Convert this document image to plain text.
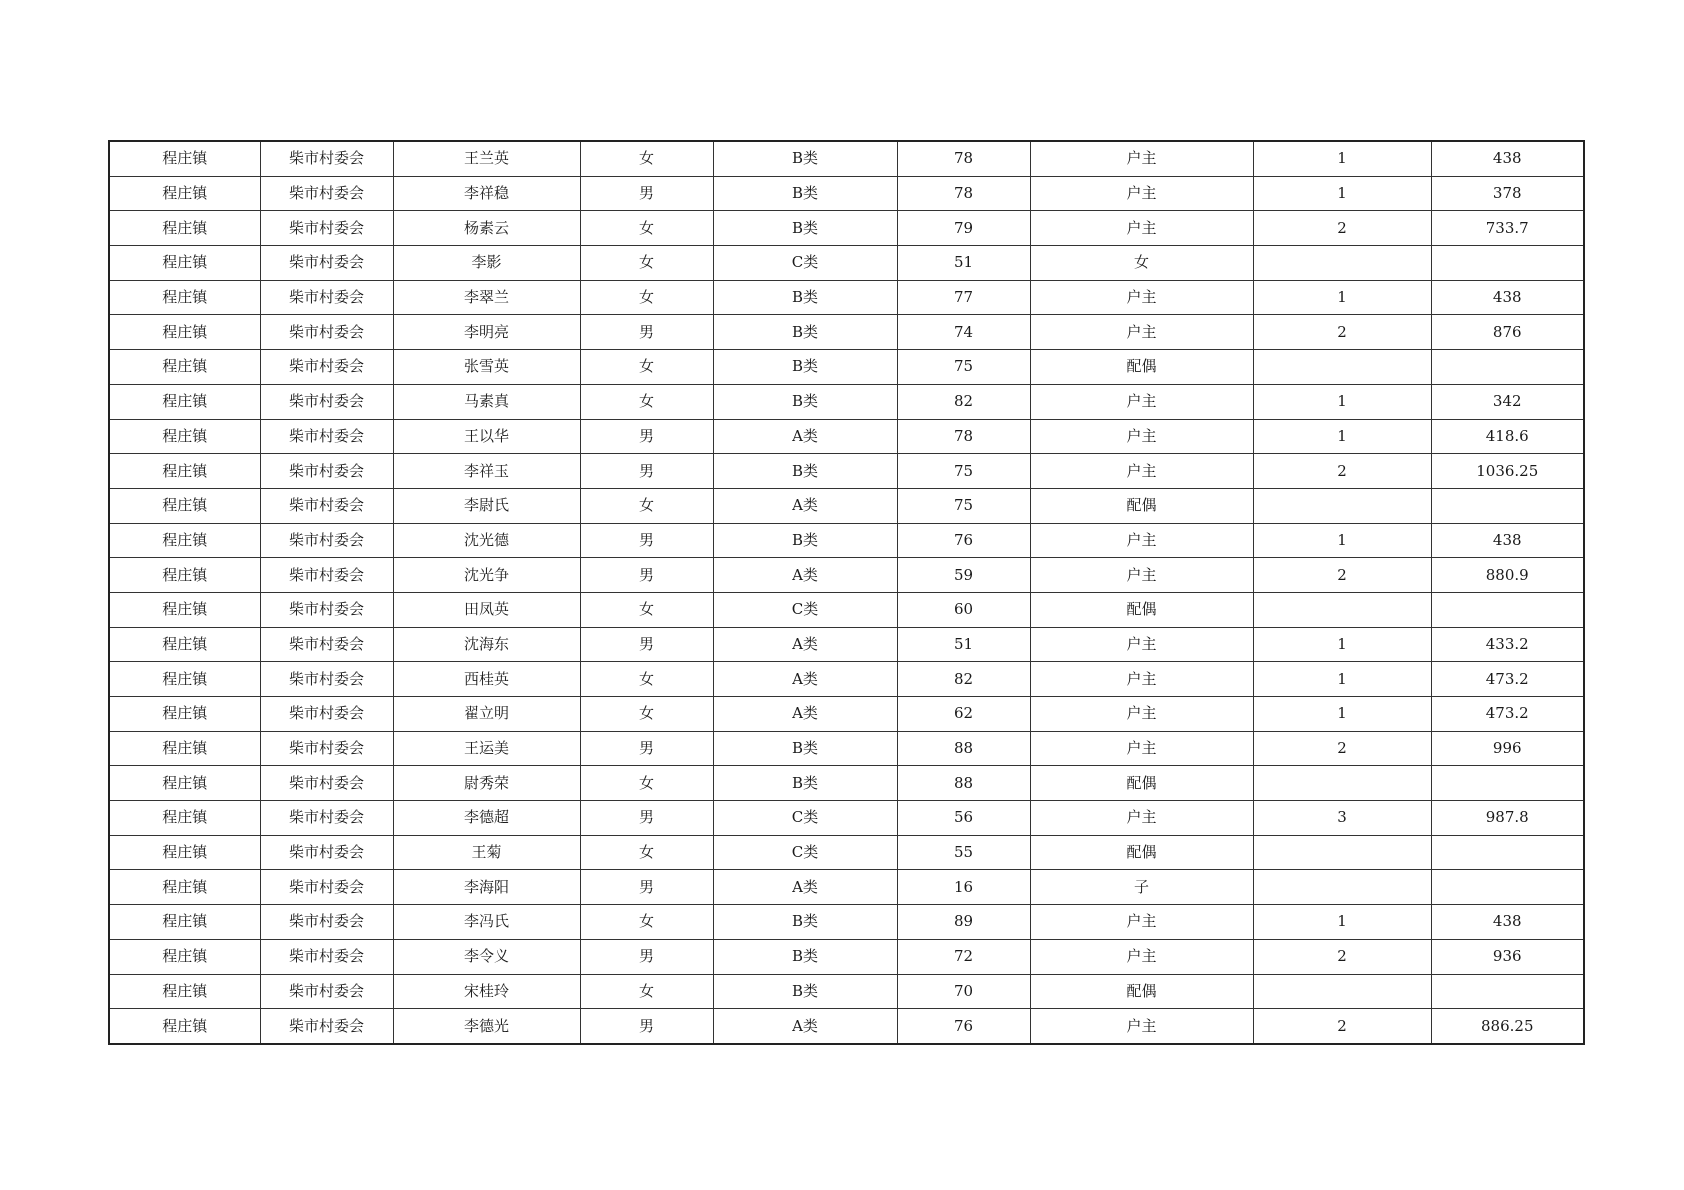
程庄镇	柴市村委会	王兰英	女	B类	78	户主	1	438
程庄镇	柴市村委会	李祥稳	男	B类	78	户主	1	378
程庄镇	柴市村委会	杨素云	女	B类	79	户主	2	733.7
程庄镇	柴市村委会	李影	女	C类	51	女		
程庄镇	柴市村委会	李翠兰	女	B类	77	户主	1	438
程庄镇	柴市村委会	李明亮	男	B类	74	户主	2	876
程庄镇	柴市村委会	张雪英	女	B类	75	配偶		
程庄镇	柴市村委会	马素真	女	B类	82	户主	1	342
程庄镇	柴市村委会	王以华	男	A类	78	户主	1	418.6
程庄镇	柴市村委会	李祥玉	男	B类	75	户主	2	1036.25
程庄镇	柴市村委会	李尉氏	女	A类	75	配偶		
程庄镇	柴市村委会	沈光德	男	B类	76	户主	1	438
程庄镇	柴市村委会	沈光争	男	A类	59	户主	2	880.9
程庄镇	柴市村委会	田凤英	女	C类	60	配偶		
程庄镇	柴市村委会	沈海东	男	A类	51	户主	1	433.2
程庄镇	柴市村委会	西桂英	女	A类	82	户主	1	473.2
程庄镇	柴市村委会	翟立明	女	A类	62	户主	1	473.2
程庄镇	柴市村委会	王运美	男	B类	88	户主	2	996
程庄镇	柴市村委会	尉秀荣	女	B类	88	配偶		
程庄镇	柴市村委会	李德超	男	C类	56	户主	3	987.8
程庄镇	柴市村委会	王菊	女	C类	55	配偶		
程庄镇	柴市村委会	李海阳	男	A类	16	子		
程庄镇	柴市村委会	李冯氏	女	B类	89	户主	1	438
程庄镇	柴市村委会	李令义	男	B类	72	户主	2	936
程庄镇	柴市村委会	宋桂玲	女	B类	70	配偶		
程庄镇	柴市村委会	李德光	男	A类	76	户主	2	886.25
